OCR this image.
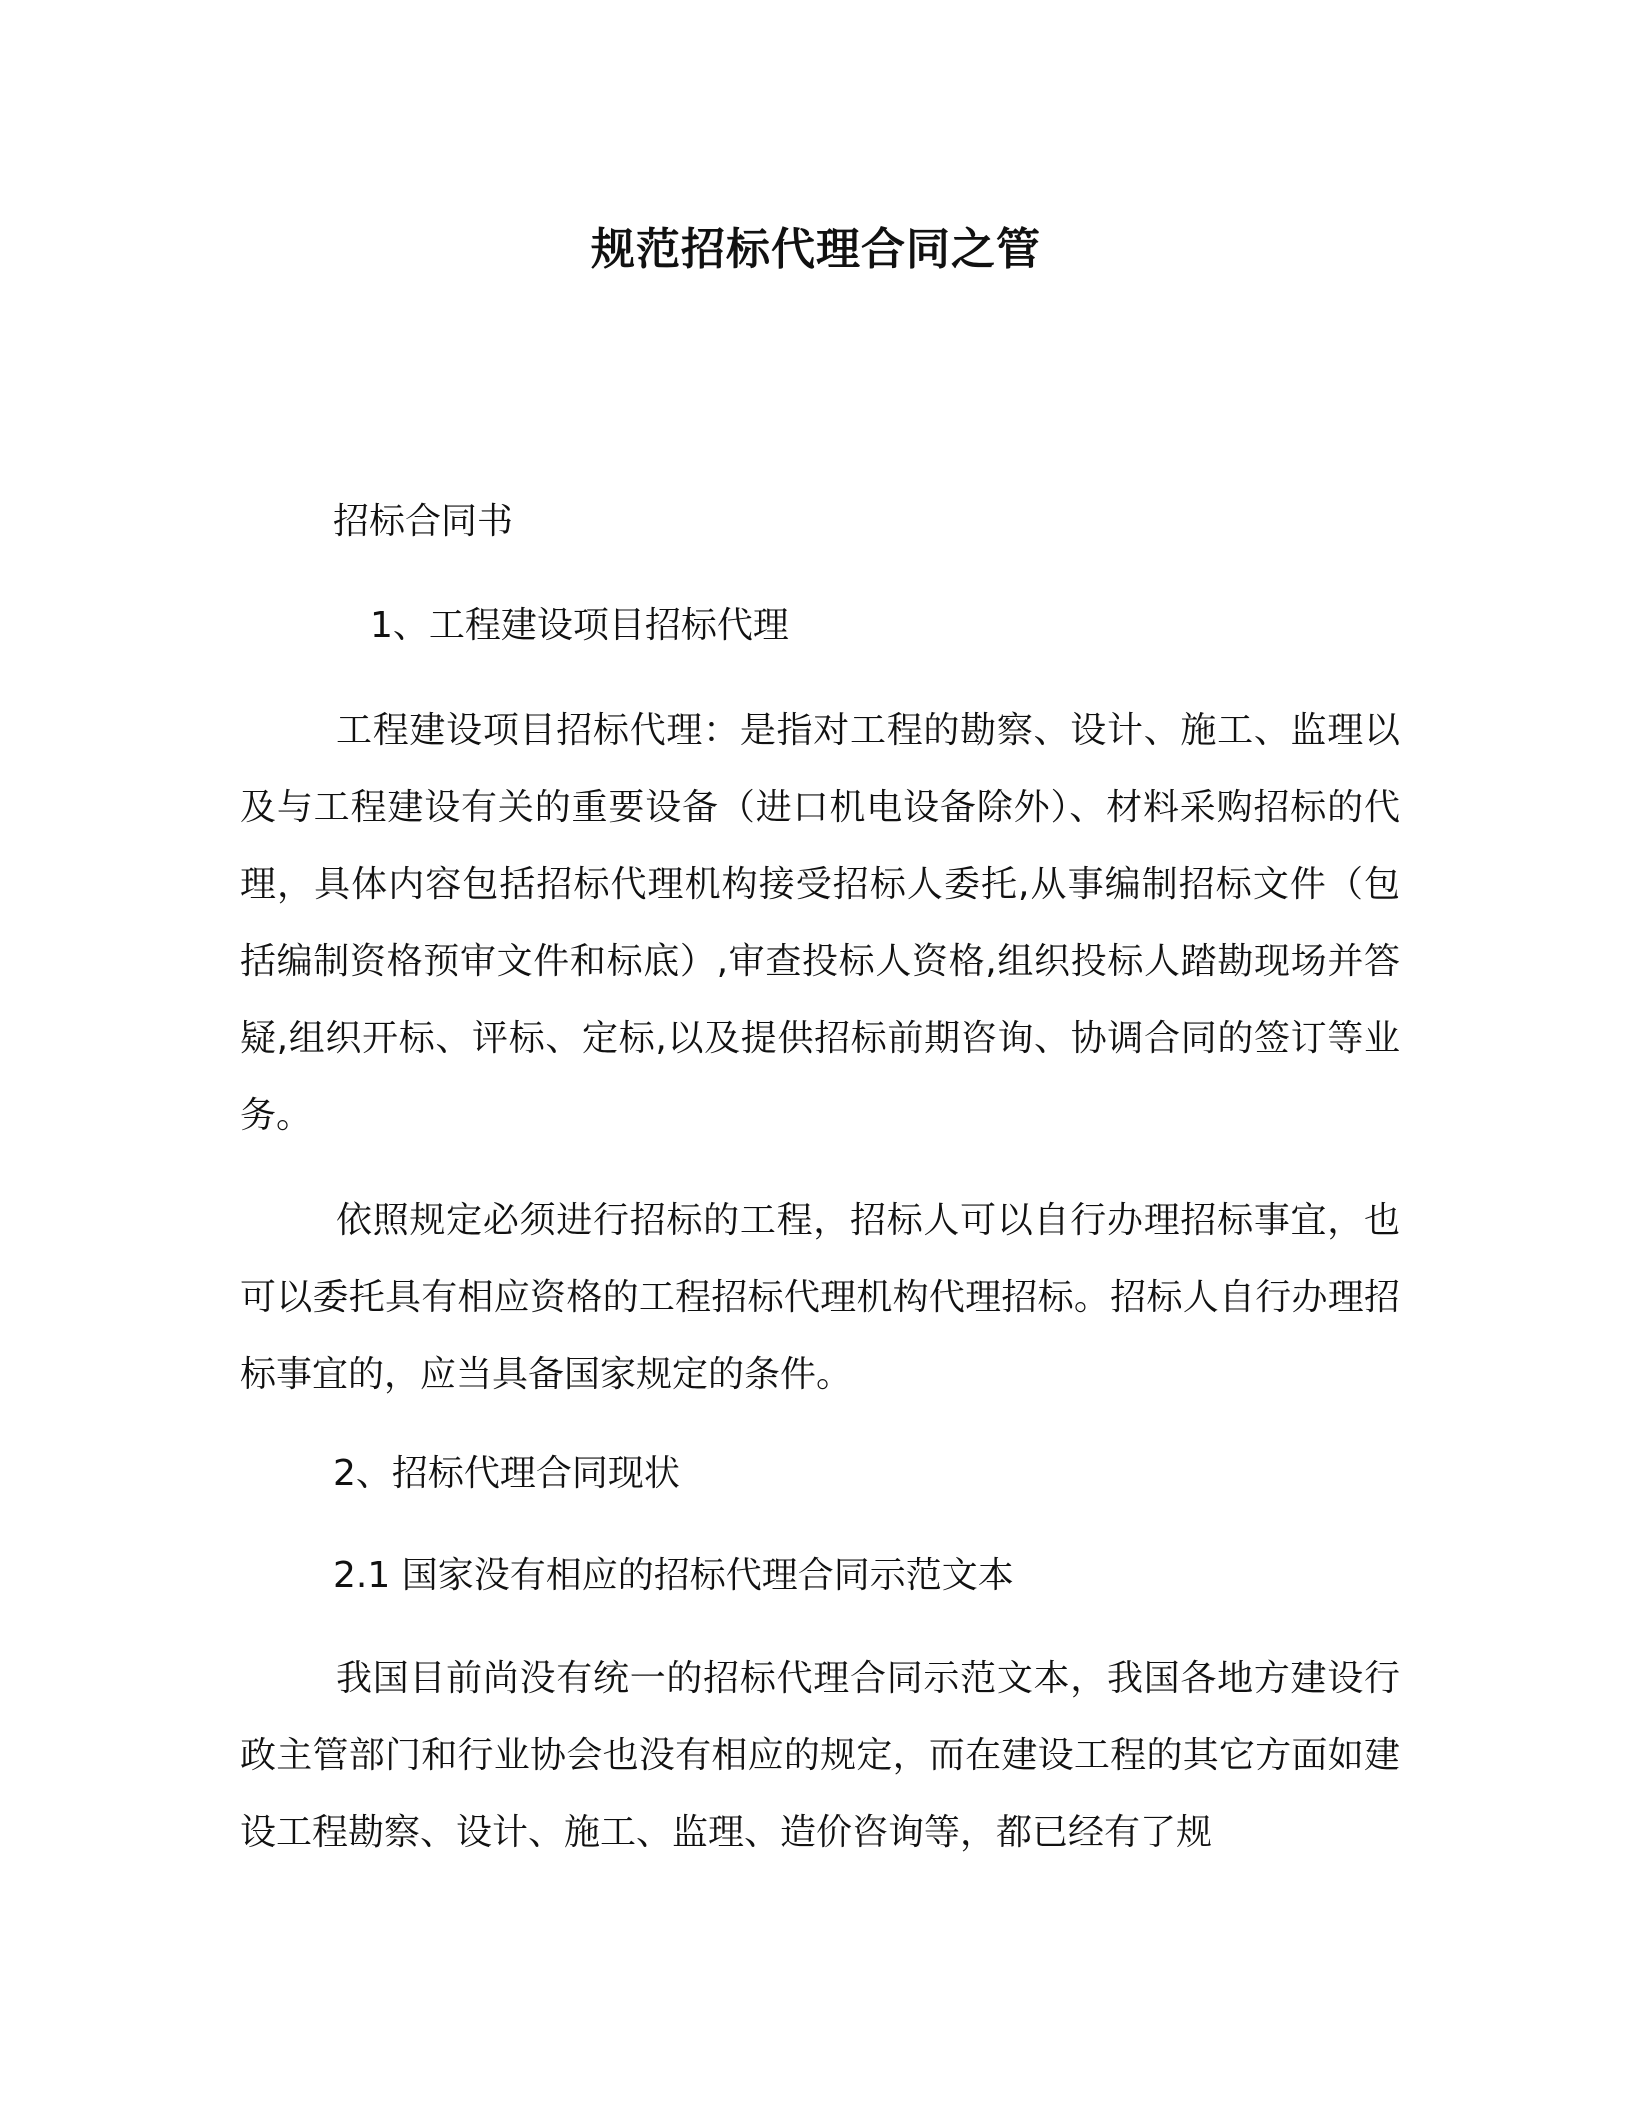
规范招标代理合同之管

招标合同书

1、工程建设项目招标代理

工程建设项目招标代理：是指对工程的勘察、设计、施工、监理以及与工程建设有关的重要设备（进口机电设备除外）、材料采购招标的代理，具体内容包括招标代理机构接受招标人委托,从事编制招标文件（包括编制资格预审文件和标底）,审查投标人资格,组织投标人踏勘现场并答疑,组织开标、评标、定标,以及提供招标前期咨询、协调合同的签订等业务。

依照规定必须进行招标的工程，招标人可以自行办理招标事宜，也可以委托具有相应资格的工程招标代理机构代理招标。招标人自行办理招标事宜的，应当具备国家规定的条件。

2、招标代理合同现状

2.1 国家没有相应的招标代理合同示范文本

我国目前尚没有统一的招标代理合同示范文本，我国各地方建设行政主管部门和行业协会也没有相应的规定，而在建设工程的其它方面如建设工程勘察、设计、施工、监理、造价咨询等，都已经有了规
